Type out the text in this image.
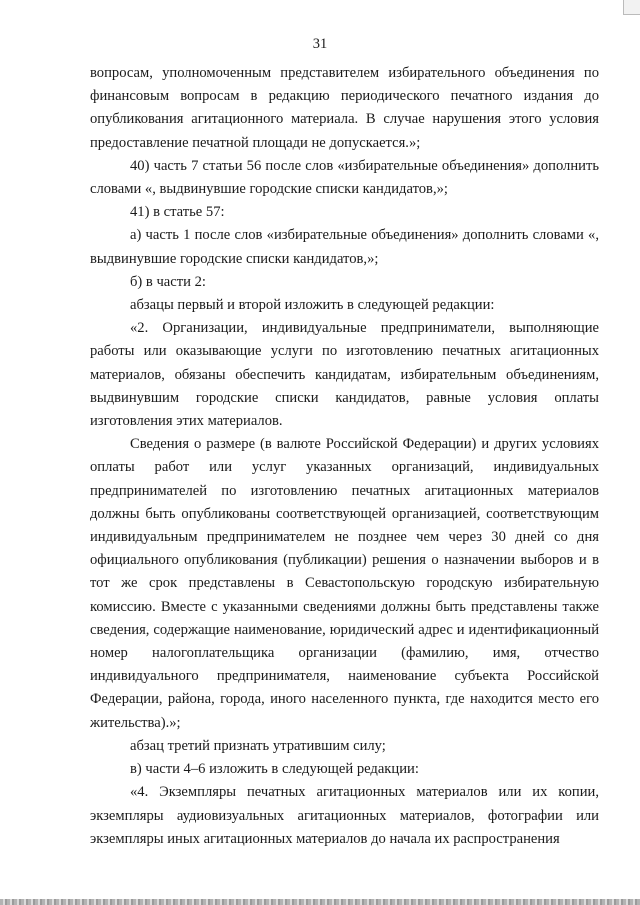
31

вопросам, уполномоченным представителем избирательного объединения по финансовым вопросам в редакцию периодического печатного издания до опубликования агитационного материала. В случае нарушения этого условия предоставление печатной площади не допускается.»;

40) часть 7 статьи 56 после слов «избирательные объединения» дополнить словами «, выдвинувшие городские списки кандидатов,»;

41) в статье 57:

а) часть 1 после слов «избирательные объединения» дополнить словами «, выдвинувшие городские списки кандидатов,»;

б) в части 2:

абзацы первый и второй изложить в следующей редакции:

«2. Организации, индивидуальные предприниматели, выполняющие работы или оказывающие услуги по изготовлению печатных агитационных материалов, обязаны обеспечить кандидатам, избирательным объединениям, выдвинувшим городские списки кандидатов, равные условия оплаты изготовления этих материалов.

Сведения о размере (в валюте Российской Федерации) и других условиях оплаты работ или услуг указанных организаций, индивидуальных предпринимателей по изготовлению печатных агитационных материалов должны быть опубликованы соответствующей организацией, соответствующим индивидуальным предпринимателем не позднее чем через 30 дней со дня официального опубликования (публикации) решения о назначении выборов и в тот же срок представлены в Севастопольскую городскую избирательную комиссию. Вместе с указанными сведениями должны быть представлены также сведения, содержащие наименование, юридический адрес и идентификационный номер налогоплательщика организации (фамилию, имя, отчество индивидуального предпринимателя, наименование субъекта Российской Федерации, района, города, иного населенного пункта, где находится место его жительства).»;

абзац третий признать утратившим силу;

в) части 4–6 изложить в следующей редакции:

«4. Экземпляры печатных агитационных материалов или их копии, экземпляры аудиовизуальных агитационных материалов, фотографии или экземпляры иных агитационных материалов до начала их распространения
